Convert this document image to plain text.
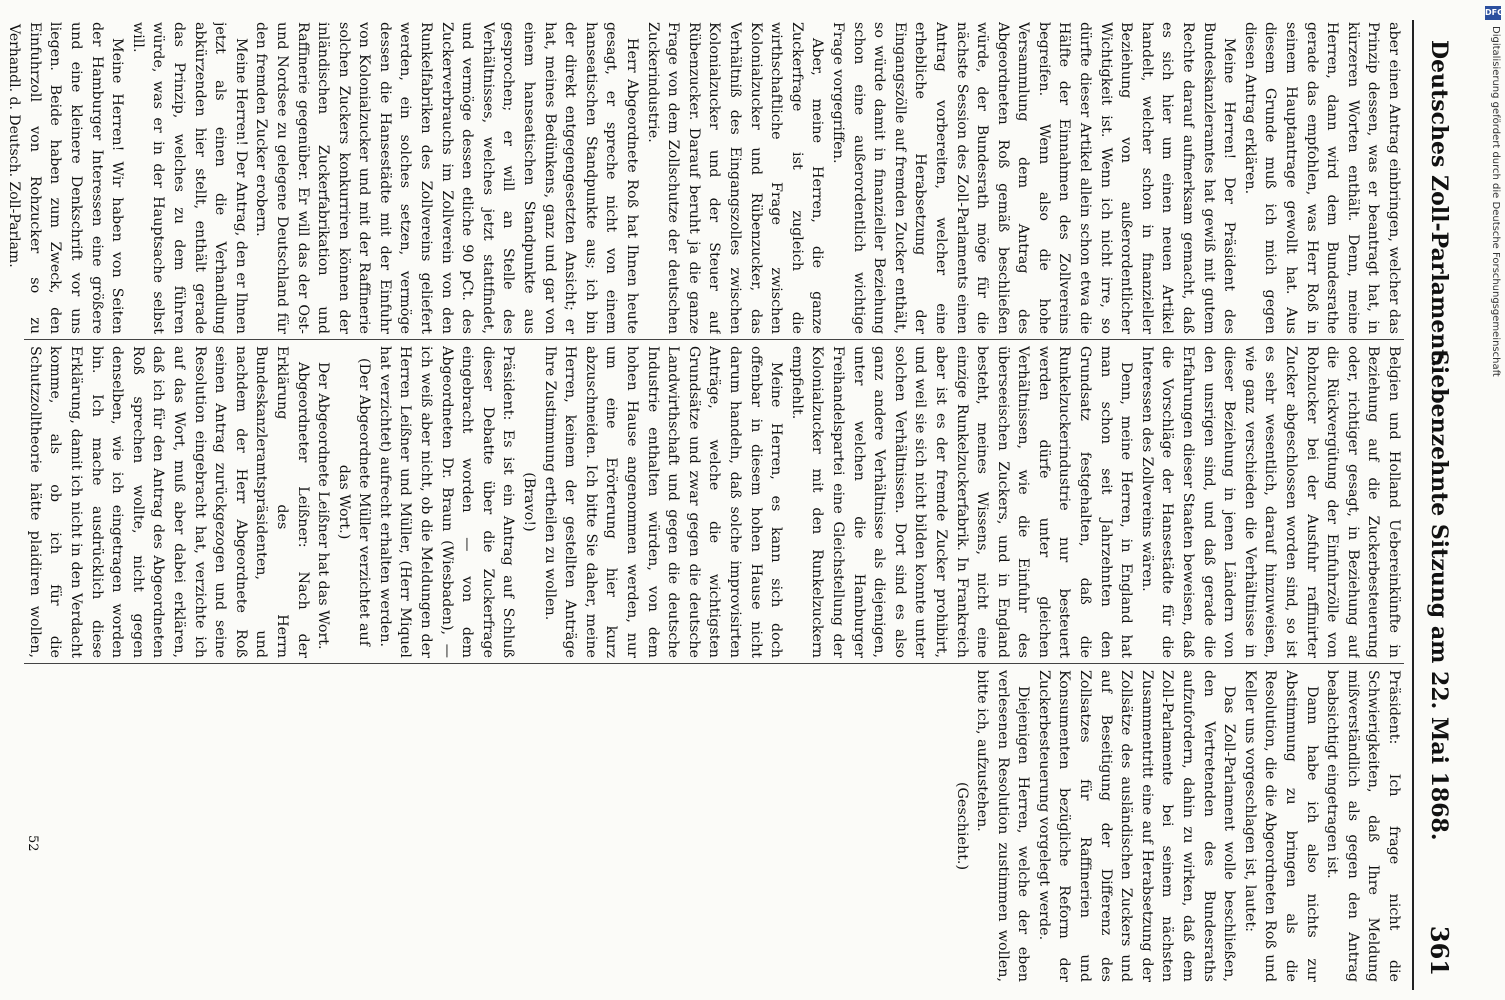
Deutsches Zoll-Parlament.
Siebenzehnte Sitzung am 22. Mai 1868.
361

aber einen Antrag einbringen, welcher das Prinzip dessen, was er beantragt hat, in kürzeren Worten enthält. Denn, meine Herren, dann wird dem Bundesrathe gerade das empfohlen, was Herr Roß in seinem Hauptantrage gewollt hat. Aus diesem Grunde muß ich mich gegen diesen Antrag erklären.

Meine Herren! Der Präsident des Bundeskanzleramtes hat gewiß mit gutem Rechte darauf aufmerksam gemacht, daß es sich hier um einen neuen Artikel handelt, welcher schon in finanzieller Beziehung von außerordentlicher Wichtigkeit ist. Wenn ich nicht irre, so dürfte dieser Artikel allein schon etwa die Hälfte der Einnahmen des Zollvereins begreifen. Wenn also die hohe Versammlung dem Antrag des Abgeordneten Roß gemäß beschließen würde, der Bundesrath möge für die nächste Session des Zoll-Parlaments einen Antrag vorbereiten, welcher eine erhebliche Herabsetzung der Eingangszölle auf fremden Zucker enthält, so würde damit in finanzieller Beziehung schon eine außerordentlich wichtige Frage vorgegriffen.

Aber, meine Herren, die ganze Zuckerfrage ist zugleich die wirthschaftliche Frage zwischen Kolonialzucker und Rübenzucker, das Verhältniß des Eingangszolles zwischen Kolonialzucker und der Steuer auf Rübenzucker. Darauf beruht ja die ganze Frage von dem Zollschutze der deutschen Zuckerindustrie.

Herr Abgeordnete Roß hat Ihnen heute gesagt, er spreche nicht von einem hanseatischen Standpunkte aus; ich bin der direkt entgegengesetzten Ansicht; er hat, meines Bedünkens, ganz und gar von einem hanseatischen Standpunkte aus gesprochen; er will an Stelle des Verhältnisses, welches jetzt stattfindet, und vermöge dessen etliche 90 pCt. des Zuckerverbrauchs im Zollverein von den Runkelfabriken des Zollvereins geliefert werden, ein solches setzen, vermöge dessen die Hansestädte mit der Einfuhr von Kolonialzucker und mit der Raffinerie solchen Zuckers konkurriren können der inländischen Zuckerfabrikation und Raffinerie gegenüber. Er will das der Ost- und Nordsee zu gelegene Deutschland für den fremden Zucker erobern.

Meine Herren! Der Antrag, den er Ihnen jetzt als einen die Verhandlung abkürzenden hier stellt, enthält gerade das Prinzip, welches zu dem führen würde, was er in der Hauptsache selbst will.

Meine Herren! Wir haben von Seiten der Hamburger Interessen eine größere und eine kleinere Denkschrift vor uns liegen. Beide haben zum Zweck, den Einfuhrzoll von Rohzucker so zu

Belgien und Holland Uebereinkünfte in Beziehung auf die Zuckerbesteuerung oder, richtiger gesagt, in Beziehung auf die Rückvergütung der Einfuhrzölle von Rohzucker bei der Ausfuhr raffinirter Zucker abgeschlossen worden sind, so ist es sehr wesentlich, darauf hinzuweisen, wie ganz verschieden die Verhältnisse in dieser Beziehung in jenen Ländern von den unsrigen sind, und daß gerade die Erfahrungen dieser Staaten beweisen, daß die Vorschläge der Hansestädte für die Interessen des Zollvereins wären.

Denn, meine Herren, in England hat man schon seit Jahrzehnten den Grundsatz festgehalten, daß die Runkelzuckerindustrie nur besteuert werden dürfe unter gleichen Verhältnissen, wie die Einfuhr des überseeischen Zuckers, und in England besteht, meines Wissens, nicht eine einzige Runkelzuckerfabrik. In Frankreich aber ist es der fremde Zucker prohibirt, und weil sie sich nicht bilden konnte unter solchen Verhältnissen. Dort sind es also ganz andere Verhältnisse als diejenigen, unter welchen die Hamburger Freihandelspartei eine Gleichstellung der Kolonialzucker mit den Runkelzuckern empfiehlt.

Meine Herren, es kann sich doch offenbar in diesem hohen Hause nicht darum handeln, daß solche improvisirten Anträge, welche die wichtigsten Grundsätze und zwar gegen die deutsche Landwirthschaft und gegen die deutsche Industrie enthalten würden, von dem hohen Hause angenommen werden, nur um eine Erörterung hier kurz abzuschneiden. Ich bitte Sie daher, meine Herren, keinem der gestellten Anträge Ihre Zustimmung ertheilen zu wollen.

(Bravo!)

Präsident: Es ist ein Antrag auf Schluß dieser Debatte über die Zuckerfrage eingebracht worden — von dem Abgeordneten Dr. Braun (Wiesbaden), — ich weiß aber nicht, ob die Meldungen der Herren Leißner und Müller, (Herr Miquel hat verzichtet) aufrecht erhalten werden.

(Der Abgeordnete Müller verzichtet auf das Wort.)

Der Abgeordnete Leißner hat das Wort.

Abgeordneter Leißner: Nach der Erklärung des Herrn Bundeskanzleramtspräsidenten, und nachdem der Herr Abgeordnete Roß seinen Antrag zurückgezogen und seine Resolution eingebracht hat, verzichte ich auf das Wort, muß aber dabei erklären, daß ich für den Antrag des Abgeordneten Roß sprechen wollte, nicht gegen denselben, wie ich eingetragen worden bin. Ich mache ausdrücklich diese Erklärung, damit ich nicht in den Verdacht komme, als ob ich für die Schutzzolltheorie hätte plaidiren wollen,

Präsident: Ich frage nicht die Schwierigkeiten, daß Ihre Meldung mißverständlich als gegen den Antrag beabsichtigt eingetragen ist.

Dann habe ich also nichts zur Abstimmung zu bringen als die Resolution, die die Abgeordneten Roß und Keller uns vorgeschlagen ist, lautet:

Das Zoll-Parlament wolle beschließen, den Vertretenden des Bundesraths aufzufordern, dahin zu wirken, daß dem Zoll-Parlamente bei seinem nächsten Zusammentritt eine auf Herabsetzung der Zollsätze des ausländischen Zuckers und auf Beseitigung der Differenz des Zollsatzes für Raffinerien und Konsumenten bezügliche Reform der Zuckerbesteuerung vorgelegt werde.

Diejenigen Herren, welche der eben verlesenen Resolution zustimmen wollen, bitte ich, aufzustehen.

(Geschieht.)

52
Verhandl. d. Deutsch. Zoll-Parlam.
DFG
Digitalisierung gefördert durch die Deutsche Forschungsgemeinschaft
